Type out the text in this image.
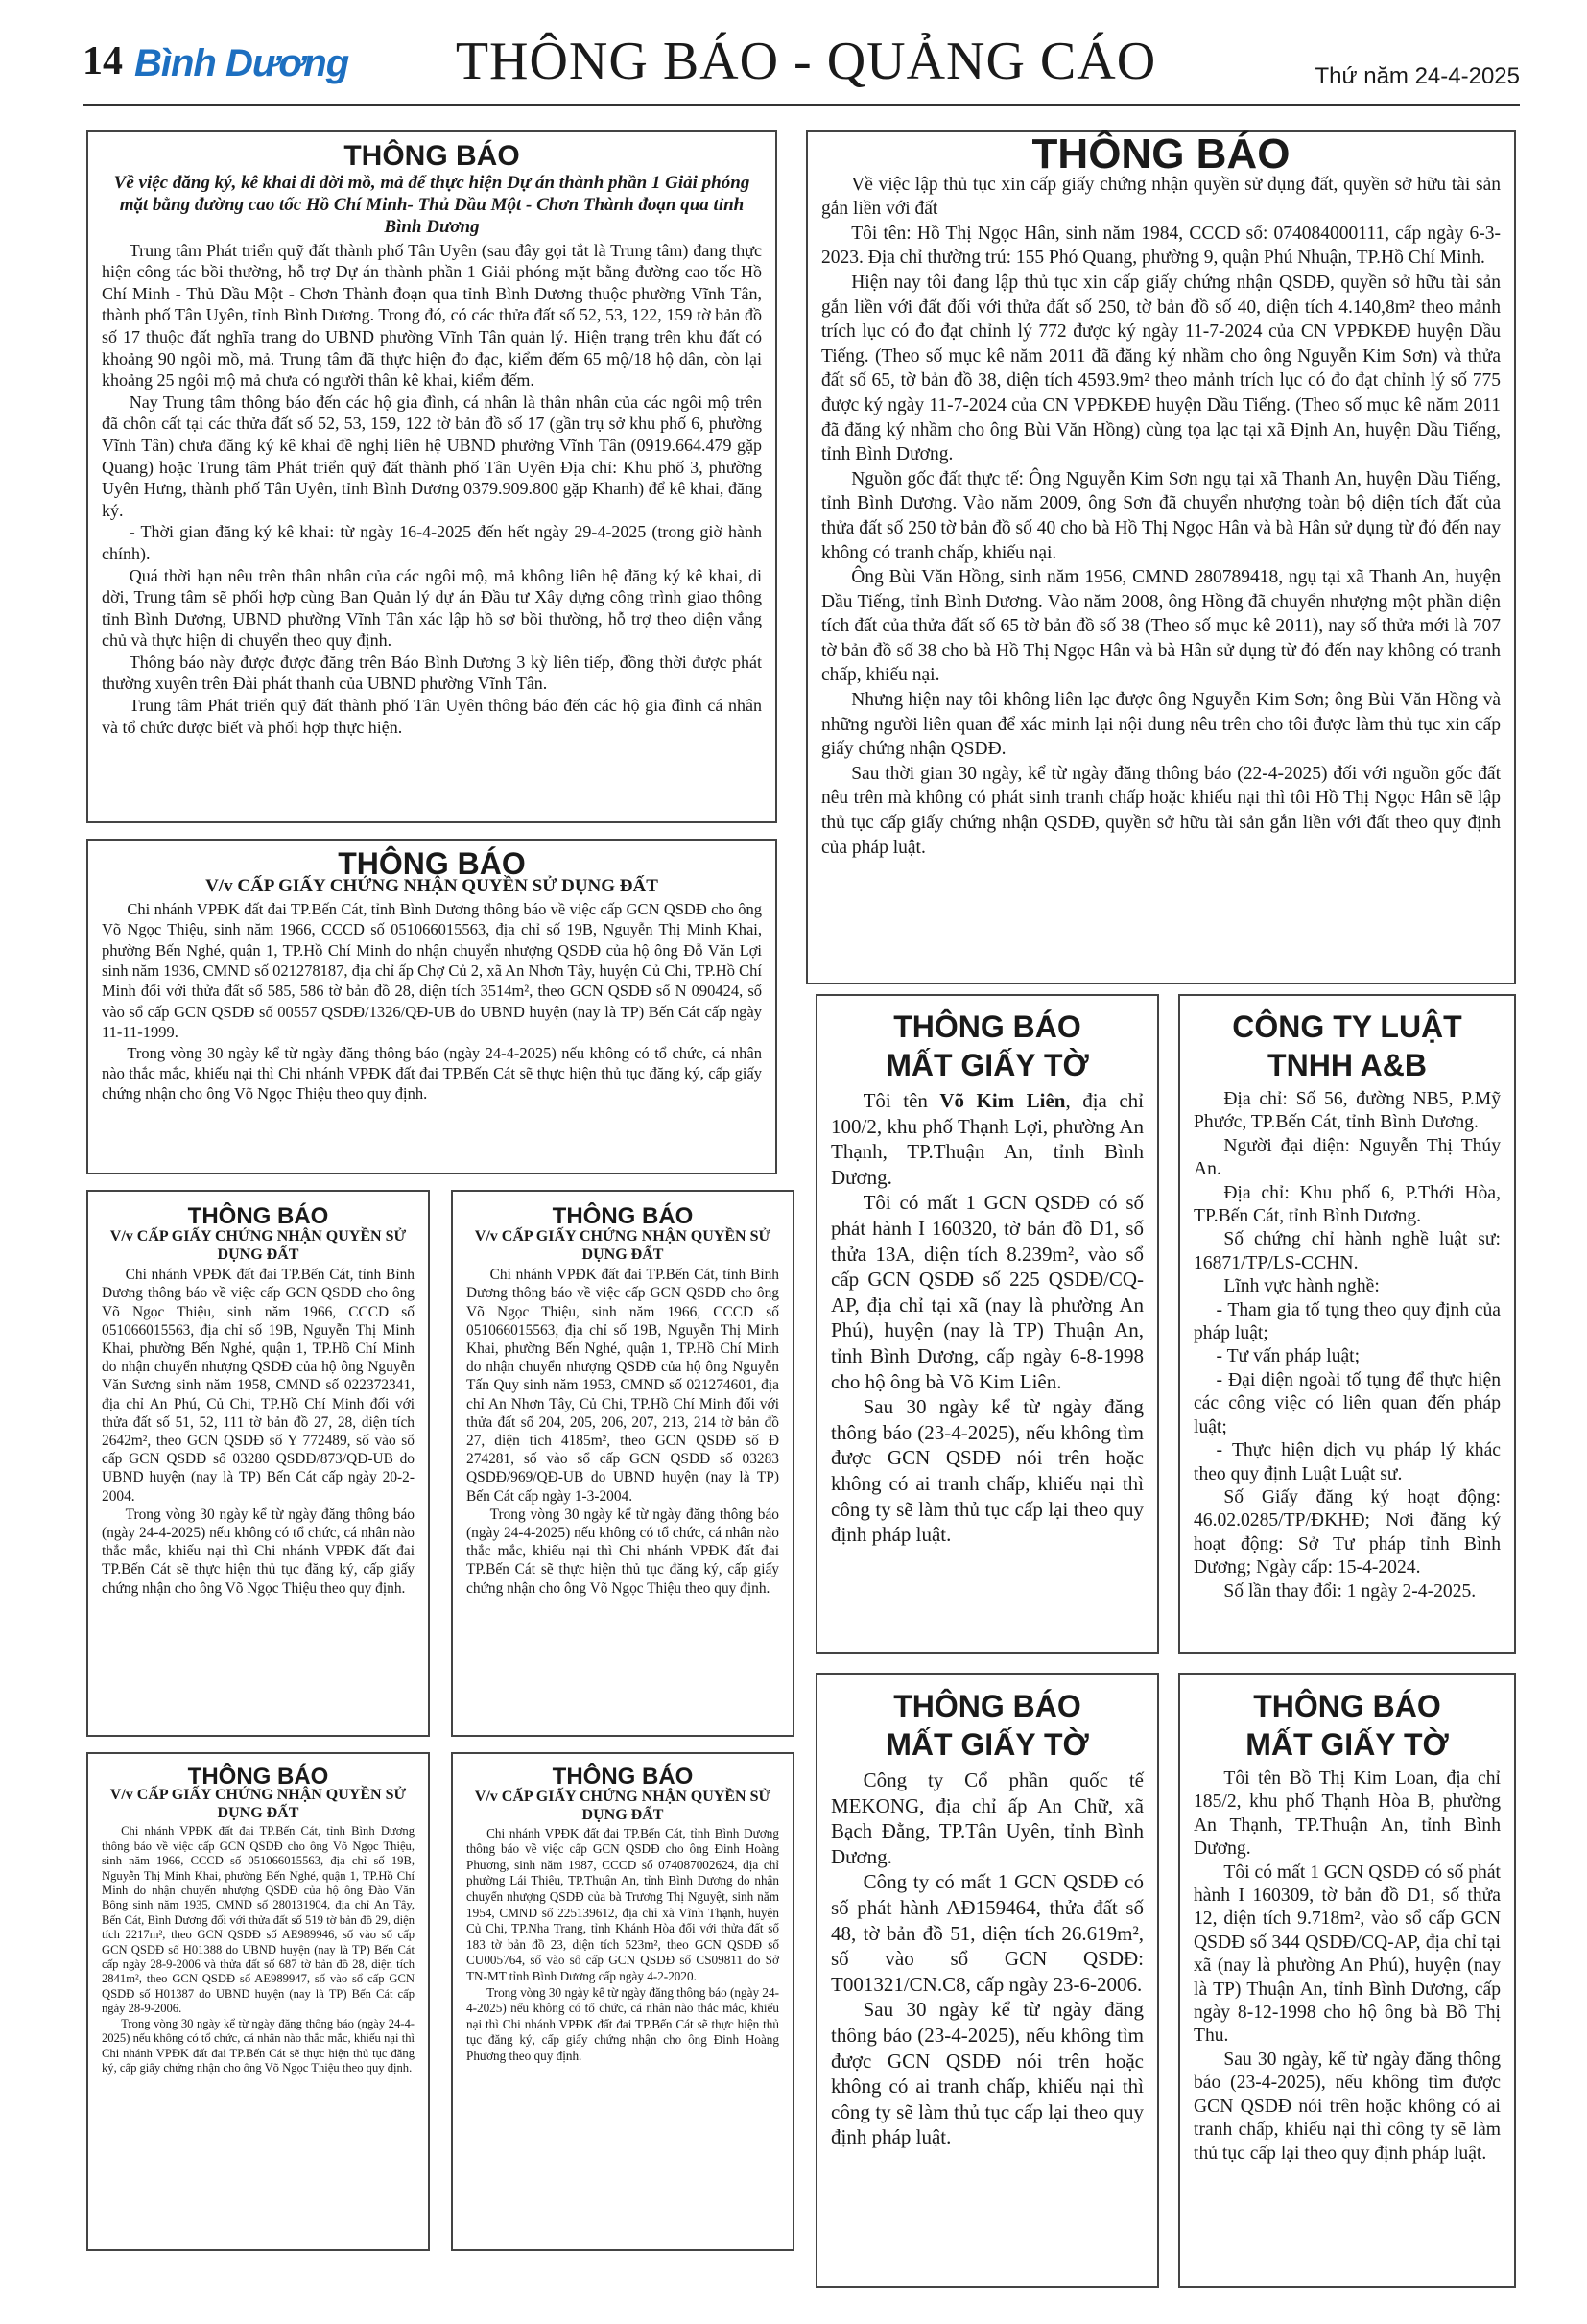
14 Bình Dương	THÔNG BÁO - QUẢNG CÁO	Thứ năm 24-4-2025
THÔNG BÁO
Về việc đăng ký, kê khai di dời mồ, mả để thực hiện Dự án thành phần 1 Giải phóng mặt bằng đường cao tốc Hồ Chí Minh- Thủ Dầu Một - Chơn Thành đoạn qua tỉnh Bình Dương

Trung tâm Phát triển quỹ đất thành phố Tân Uyên (sau đây gọi tắt là Trung tâm) đang thực hiện công tác bồi thường, hỗ trợ Dự án thành phần 1 Giải phóng mặt bằng đường cao tốc Hồ Chí Minh - Thủ Dầu Một - Chơn Thành đoạn qua tỉnh Bình Dương thuộc phường Vĩnh Tân, thành phố Tân Uyên, tỉnh Bình Dương. Trong đó, có các thửa đất số 52, 53, 122, 159 tờ bản đồ số 17 thuộc đất nghĩa trang do UBND phường Vĩnh Tân quản lý. Hiện trạng trên khu đất có khoảng 90 ngôi mồ, mả. Trung tâm đã thực hiện đo đạc, kiểm đếm 65 mộ/18 hộ dân, còn lại khoảng 25 ngôi mộ mả chưa có người thân kê khai, kiểm đếm.

Nay Trung tâm thông báo đến các hộ gia đình, cá nhân là thân nhân của các ngôi mộ trên đã chôn cất tại các thửa đất số 52, 53, 159, 122 tờ bản đồ số 17 (gần trụ sở khu phố 6, phường Vĩnh Tân) chưa đăng ký kê khai đề nghị liên hệ UBND phường Vĩnh Tân (0919.664.479 gặp Quang) hoặc Trung tâm Phát triển quỹ đất thành phố Tân Uyên Địa chỉ: Khu phố 3, phường Uyên Hưng, thành phố Tân Uyên, tỉnh Bình Dương 0379.909.800 gặp Khanh) để kê khai, đăng ký.

- Thời gian đăng ký kê khai: từ ngày 16-4-2025 đến hết ngày 29-4-2025 (trong giờ hành chính).

Quá thời hạn nêu trên thân nhân của các ngôi mộ, mả không liên hệ đăng ký kê khai, di dời, Trung tâm sẽ phối hợp cùng Ban Quản lý dự án Đầu tư Xây dựng công trình giao thông tỉnh Bình Dương, UBND phường Vĩnh Tân xác lập hồ sơ bồi thường, hỗ trợ theo diện vắng chủ và thực hiện di chuyển theo quy định.

Thông báo này được được đăng trên Báo Bình Dương 3 kỳ liên tiếp, đồng thời được phát thường xuyên trên Đài phát thanh của UBND phường Vĩnh Tân.

Trung tâm Phát triển quỹ đất thành phố Tân Uyên thông báo đến các hộ gia đình cá nhân và tổ chức được biết và phối hợp thực hiện.

THÔNG BÁO

Về việc lập thủ tục xin cấp giấy chứng nhận quyền sử dụng đất, quyền sở hữu tài sản gắn liền với đất

Tôi tên: Hồ Thị Ngọc Hân, sinh năm 1984, CCCD số: 074084000111, cấp ngày 6-3-2023. Địa chỉ thường trú: 155 Phó Quang, phường 9, quận Phú Nhuận, TP.Hồ Chí Minh.

Hiện nay tôi đang lập thủ tục xin cấp giấy chứng nhận QSDĐ, quyền sở hữu tài sản gắn liền với đất đối với thửa đất số 250, tờ bản đồ số 40, diện tích 4.140,8m² theo mảnh trích lục có đo đạt chỉnh lý 772 được ký ngày 11-7-2024 của CN VPĐKĐĐ huyện Dầu Tiếng. (Theo số mục kê năm 2011 đã đăng ký nhầm cho ông Nguyễn Kim Sơn) và thửa đất số 65, tờ bản đồ 38, diện tích 4593.9m² theo mảnh trích lục có đo đạt chỉnh lý số 775 được ký ngày 11-7-2024 của CN VPĐKĐĐ huyện Dầu Tiếng. (Theo số mục kê năm 2011 đã đăng ký nhầm cho ông Bùi Văn Hồng) cùng tọa lạc tại xã Định An, huyện Dầu Tiếng, tỉnh Bình Dương.

Nguồn gốc đất thực tế: Ông Nguyễn Kim Sơn ngụ tại xã Thanh An, huyện Dầu Tiếng, tỉnh Bình Dương. Vào năm 2009, ông Sơn đã chuyển nhượng toàn bộ diện tích đất của thửa đất số 250 tờ bản đồ số 40 cho bà Hồ Thị Ngọc Hân và bà Hân sử dụng từ đó đến nay không có tranh chấp, khiếu nại.

Ông Bùi Văn Hồng, sinh năm 1956, CMND 280789418, ngụ tại xã Thanh An, huyện Dầu Tiếng, tỉnh Bình Dương. Vào năm 2008, ông Hồng đã chuyển nhượng một phần diện tích đất của thửa đất số 65 tờ bản đồ số 38 (Theo số mục kê 2011), nay số thửa mới là 707 tờ bản đồ số 38 cho bà Hồ Thị Ngọc Hân và bà Hân sử dụng từ đó đến nay không có tranh chấp, khiếu nại.

Nhưng hiện nay tôi không liên lạc được ông Nguyễn Kim Sơn; ông Bùi Văn Hồng và những người liên quan để xác minh lại nội dung nêu trên cho tôi được làm thủ tục xin cấp giấy chứng nhận QSDĐ.

Sau thời gian 30 ngày, kể từ ngày đăng thông báo (22-4-2025) đối với nguồn gốc đất nêu trên mà không có phát sinh tranh chấp hoặc khiếu nại thì tôi Hồ Thị Ngọc Hân sẽ lập thủ tục cấp giấy chứng nhận QSDĐ, quyền sở hữu tài sản gắn liền với đất theo quy định của pháp luật.

THÔNG BÁO
V/v CẤP GIẤY CHỨNG NHẬN QUYỀN SỬ DỤNG ĐẤT

Chi nhánh VPĐK đất đai TP.Bến Cát, tỉnh Bình Dương thông báo về việc cấp GCN QSDĐ cho ông Võ Ngọc Thiệu, sinh năm 1966, CCCD số 051066015563, địa chỉ số 19B, Nguyễn Thị Minh Khai, phường Bến Nghé, quận 1, TP.Hồ Chí Minh do nhận chuyển nhượng QSDĐ của hộ ông Đỗ Văn Lợi sinh năm 1936, CMND số 021278187, địa chỉ ấp Chợ Củ 2, xã An Nhơn Tây, huyện Củ Chi, TP.Hồ Chí Minh đối với thửa đất số 585, 586 tờ bản đồ 28, diện tích 3514m², theo GCN QSDĐ số N 090424, số vào sổ cấp GCN QSDĐ số 00557 QSDĐ/1326/QĐ-UB do UBND huyện (nay là TP) Bến Cát cấp ngày 11-11-1999.

Trong vòng 30 ngày kể từ ngày đăng thông báo (ngày 24-4-2025) nếu không có tổ chức, cá nhân nào thắc mắc, khiếu nại thì Chi nhánh VPĐK đất đai TP.Bến Cát sẽ thực hiện thủ tục đăng ký, cấp giấy chứng nhận cho ông Võ Ngọc Thiệu theo quy định.

THÔNG BÁO
V/v CẤP GIẤY CHỨNG NHẬN QUYỀN SỬ DỤNG ĐẤT

Chi nhánh VPĐK đất đai TP.Bến Cát, tỉnh Bình Dương thông báo về việc cấp GCN QSDĐ cho ông Võ Ngọc Thiệu, sinh năm 1966, CCCD số 051066015563, địa chỉ số 19B, Nguyễn Thị Minh Khai, phường Bến Nghé, quận 1, TP.Hồ Chí Minh do nhận chuyển nhượng QSDĐ của hộ ông Nguyễn Văn Sương sinh năm 1958, CMND số 022372341, địa chỉ An Phú, Củ Chi, TP.Hồ Chí Minh đối với thửa đất số 51, 52, 111 tờ bản đồ 27, 28, diện tích 2642m², theo GCN QSDĐ số Y 772489, số vào sổ cấp GCN QSDĐ số 03280 QSDĐ/873/QĐ-UB do UBND huyện (nay là TP) Bến Cát cấp ngày 20-2-2004.

Trong vòng 30 ngày kể từ ngày đăng thông báo (ngày 24-4-2025) nếu không có tổ chức, cá nhân nào thắc mắc, khiếu nại thì Chi nhánh VPĐK đất đai TP.Bến Cát sẽ thực hiện thủ tục đăng ký, cấp giấy chứng nhận cho ông Võ Ngọc Thiệu theo quy định.

THÔNG BÁO
V/v CẤP GIẤY CHỨNG NHẬN QUYỀN SỬ DỤNG ĐẤT

Chi nhánh VPĐK đất đai TP.Bến Cát, tỉnh Bình Dương thông báo về việc cấp GCN QSDĐ cho ông Võ Ngọc Thiệu, sinh năm 1966, CCCD số 051066015563, địa chỉ số 19B, Nguyễn Thị Minh Khai, phường Bến Nghé, quận 1, TP.Hồ Chí Minh do nhận chuyển nhượng QSDĐ của hộ ông Nguyễn Tấn Quy sinh năm 1953, CMND số 021274601, địa chỉ An Nhơn Tây, Củ Chi, TP.Hồ Chí Minh đối với thửa đất số 204, 205, 206, 207, 213, 214 tờ bản đồ 27, diện tích 4185m², theo GCN QSDĐ số Đ 274281, số vào sổ cấp GCN QSDĐ số 03283 QSDĐ/969/QĐ-UB do UBND huyện (nay là TP) Bến Cát cấp ngày 1-3-2004.

Trong vòng 30 ngày kể từ ngày đăng thông báo (ngày 24-4-2025) nếu không có tổ chức, cá nhân nào thắc mắc, khiếu nại thì Chi nhánh VPĐK đất đai TP.Bến Cát sẽ thực hiện thủ tục đăng ký, cấp giấy chứng nhận cho ông Võ Ngọc Thiệu theo quy định.

THÔNG BÁO
V/v CẤP GIẤY CHỨNG NHẬN QUYỀN SỬ DỤNG ĐẤT

Chi nhánh VPĐK đất đai TP.Bến Cát, tỉnh Bình Dương thông báo về việc cấp GCN QSDĐ cho ông Võ Ngọc Thiệu, sinh năm 1966, CCCD số 051066015563, địa chỉ số 19B, Nguyễn Thị Minh Khai, phường Bến Nghé, quận 1, TP.Hồ Chí Minh do nhận chuyển nhượng QSDĐ của hộ ông Đào Văn Bông sinh năm 1935, CMND số 280131904, địa chỉ An Tây, Bến Cát, Bình Dương đối với thửa đất số 519 tờ bản đồ 29, diện tích 2217m², theo GCN QSDĐ số AE989946, số vào sổ cấp GCN QSDĐ số H01388 do UBND huyện (nay là TP) Bến Cát cấp ngày 28-9-2006 và thửa đất số 687 tờ bản đồ 28, diện tích 2841m², theo GCN QSDĐ số AE989947, số vào sổ cấp GCN QSDĐ số H01387 do UBND huyện (nay là TP) Bến Cát cấp ngày 28-9-2006.

Trong vòng 30 ngày kể từ ngày đăng thông báo (ngày 24-4-2025) nếu không có tổ chức, cá nhân nào thắc mắc, khiếu nại thì Chi nhánh VPĐK đất đai TP.Bến Cát sẽ thực hiện thủ tục đăng ký, cấp giấy chứng nhận cho ông Võ Ngọc Thiệu theo quy định.

THÔNG BÁO
V/v CẤP GIẤY CHỨNG NHẬN QUYỀN SỬ DỤNG ĐẤT

Chi nhánh VPĐK đất đai TP.Bến Cát, tỉnh Bình Dương thông báo về việc cấp GCN QSDĐ cho ông Đinh Hoàng Phương, sinh năm 1987, CCCD số 074087002624, địa chỉ phường Lái Thiêu, TP.Thuận An, tỉnh Bình Dương do nhận chuyển nhượng QSDĐ của bà Trương Thị Nguyệt, sinh năm 1954, CMND số 225139612, địa chỉ xã Vĩnh Thạnh, huyện Củ Chi, TP.Nha Trang, tỉnh Khánh Hòa đối với thửa đất số 183 tờ bản đồ 23, diện tích 523m², theo GCN QSDĐ số CU005764, số vào sổ cấp GCN QSDĐ số CS09811 do Sở TN-MT tỉnh Bình Dương cấp ngày 4-2-2020.

Trong vòng 30 ngày kể từ ngày đăng thông báo (ngày 24-4-2025) nếu không có tổ chức, cá nhân nào thắc mắc, khiếu nại thì Chi nhánh VPĐK đất đai TP.Bến Cát sẽ thực hiện thủ tục đăng ký, cấp giấy chứng nhận cho ông Đinh Hoàng Phương theo quy định.

THÔNG BÁO
MẤT GIẤY TỜ

Tôi tên Võ Kim Liên, địa chỉ 100/2, khu phố Thạnh Lợi, phường An Thạnh, TP.Thuận An, tỉnh Bình Dương.

Tôi có mất 1 GCN QSDĐ có số phát hành I 160320, tờ bản đồ D1, số thửa 13A, diện tích 8.239m², vào sổ cấp GCN QSDĐ số 225 QSDĐ/CQ-AP, địa chỉ tại xã (nay là phường An Phú), huyện (nay là TP) Thuận An, tỉnh Bình Dương, cấp ngày 6-8-1998 cho hộ ông bà Võ Kim Liên.

Sau 30 ngày kể từ ngày đăng thông báo (23-4-2025), nếu không tìm được GCN QSDĐ nói trên hoặc không có ai tranh chấp, khiếu nại thì công ty sẽ làm thủ tục cấp lại theo quy định pháp luật.

CÔNG TY LUẬT
TNHH A&B

Địa chỉ: Số 56, đường NB5, P.Mỹ Phước, TP.Bến Cát, tỉnh Bình Dương.

Người đại diện: Nguyễn Thị Thúy An.

Địa chỉ: Khu phố 6, P.Thới Hòa, TP.Bến Cát, tỉnh Bình Dương.

Số chứng chỉ hành nghề luật sư: 16871/TP/LS-CCHN.

Lĩnh vực hành nghề:

- Tham gia tố tụng theo quy định của pháp luật;

- Tư vấn pháp luật;

- Đại diện ngoài tố tụng để thực hiện các công việc có liên quan đến pháp luật;

- Thực hiện dịch vụ pháp lý khác theo quy định Luật Luật sư.

Số Giấy đăng ký hoạt động: 46.02.0285/TP/ĐKHĐ; Nơi đăng ký hoạt động: Sở Tư pháp tỉnh Bình Dương; Ngày cấp: 15-4-2024.

Số lần thay đổi: 1 ngày 2-4-2025.

THÔNG BÁO
MẤT GIẤY TỜ

Công ty Cổ phần quốc tế MEKONG, địa chỉ ấp An Chữ, xã Bạch Đằng, TP.Tân Uyên, tỉnh Bình Dương.

Công ty có mất 1 GCN QSDĐ có số phát hành AĐ159464, thửa đất số 48, tờ bản đồ 51, diện tích 26.619m², số vào sổ GCN QSDĐ: T001321/CN.C8, cấp ngày 23-6-2006.

Sau 30 ngày kể từ ngày đăng thông báo (23-4-2025), nếu không tìm được GCN QSDĐ nói trên hoặc không có ai tranh chấp, khiếu nại thì công ty sẽ làm thủ tục cấp lại theo quy định pháp luật.

THÔNG BÁO
MẤT GIẤY TỜ

Tôi tên Bồ Thị Kim Loan, địa chỉ 185/2, khu phố Thạnh Hòa B, phường An Thạnh, TP.Thuận An, tỉnh Bình Dương.

Tôi có mất 1 GCN QSDĐ có số phát hành I 160309, tờ bản đồ D1, số thửa 12, diện tích 9.718m², vào sổ cấp GCN QSDĐ số 344 QSDĐ/CQ-AP, địa chỉ tại xã (nay là phường An Phú), huyện (nay là TP) Thuận An, tỉnh Bình Dương, cấp ngày 8-12-1998 cho hộ ông bà Bồ Thị Thu.

Sau 30 ngày, kể từ ngày đăng thông báo (23-4-2025), nếu không tìm được GCN QSDĐ nói trên hoặc không có ai tranh chấp, khiếu nại thì công ty sẽ làm thủ tục cấp lại theo quy định pháp luật.
